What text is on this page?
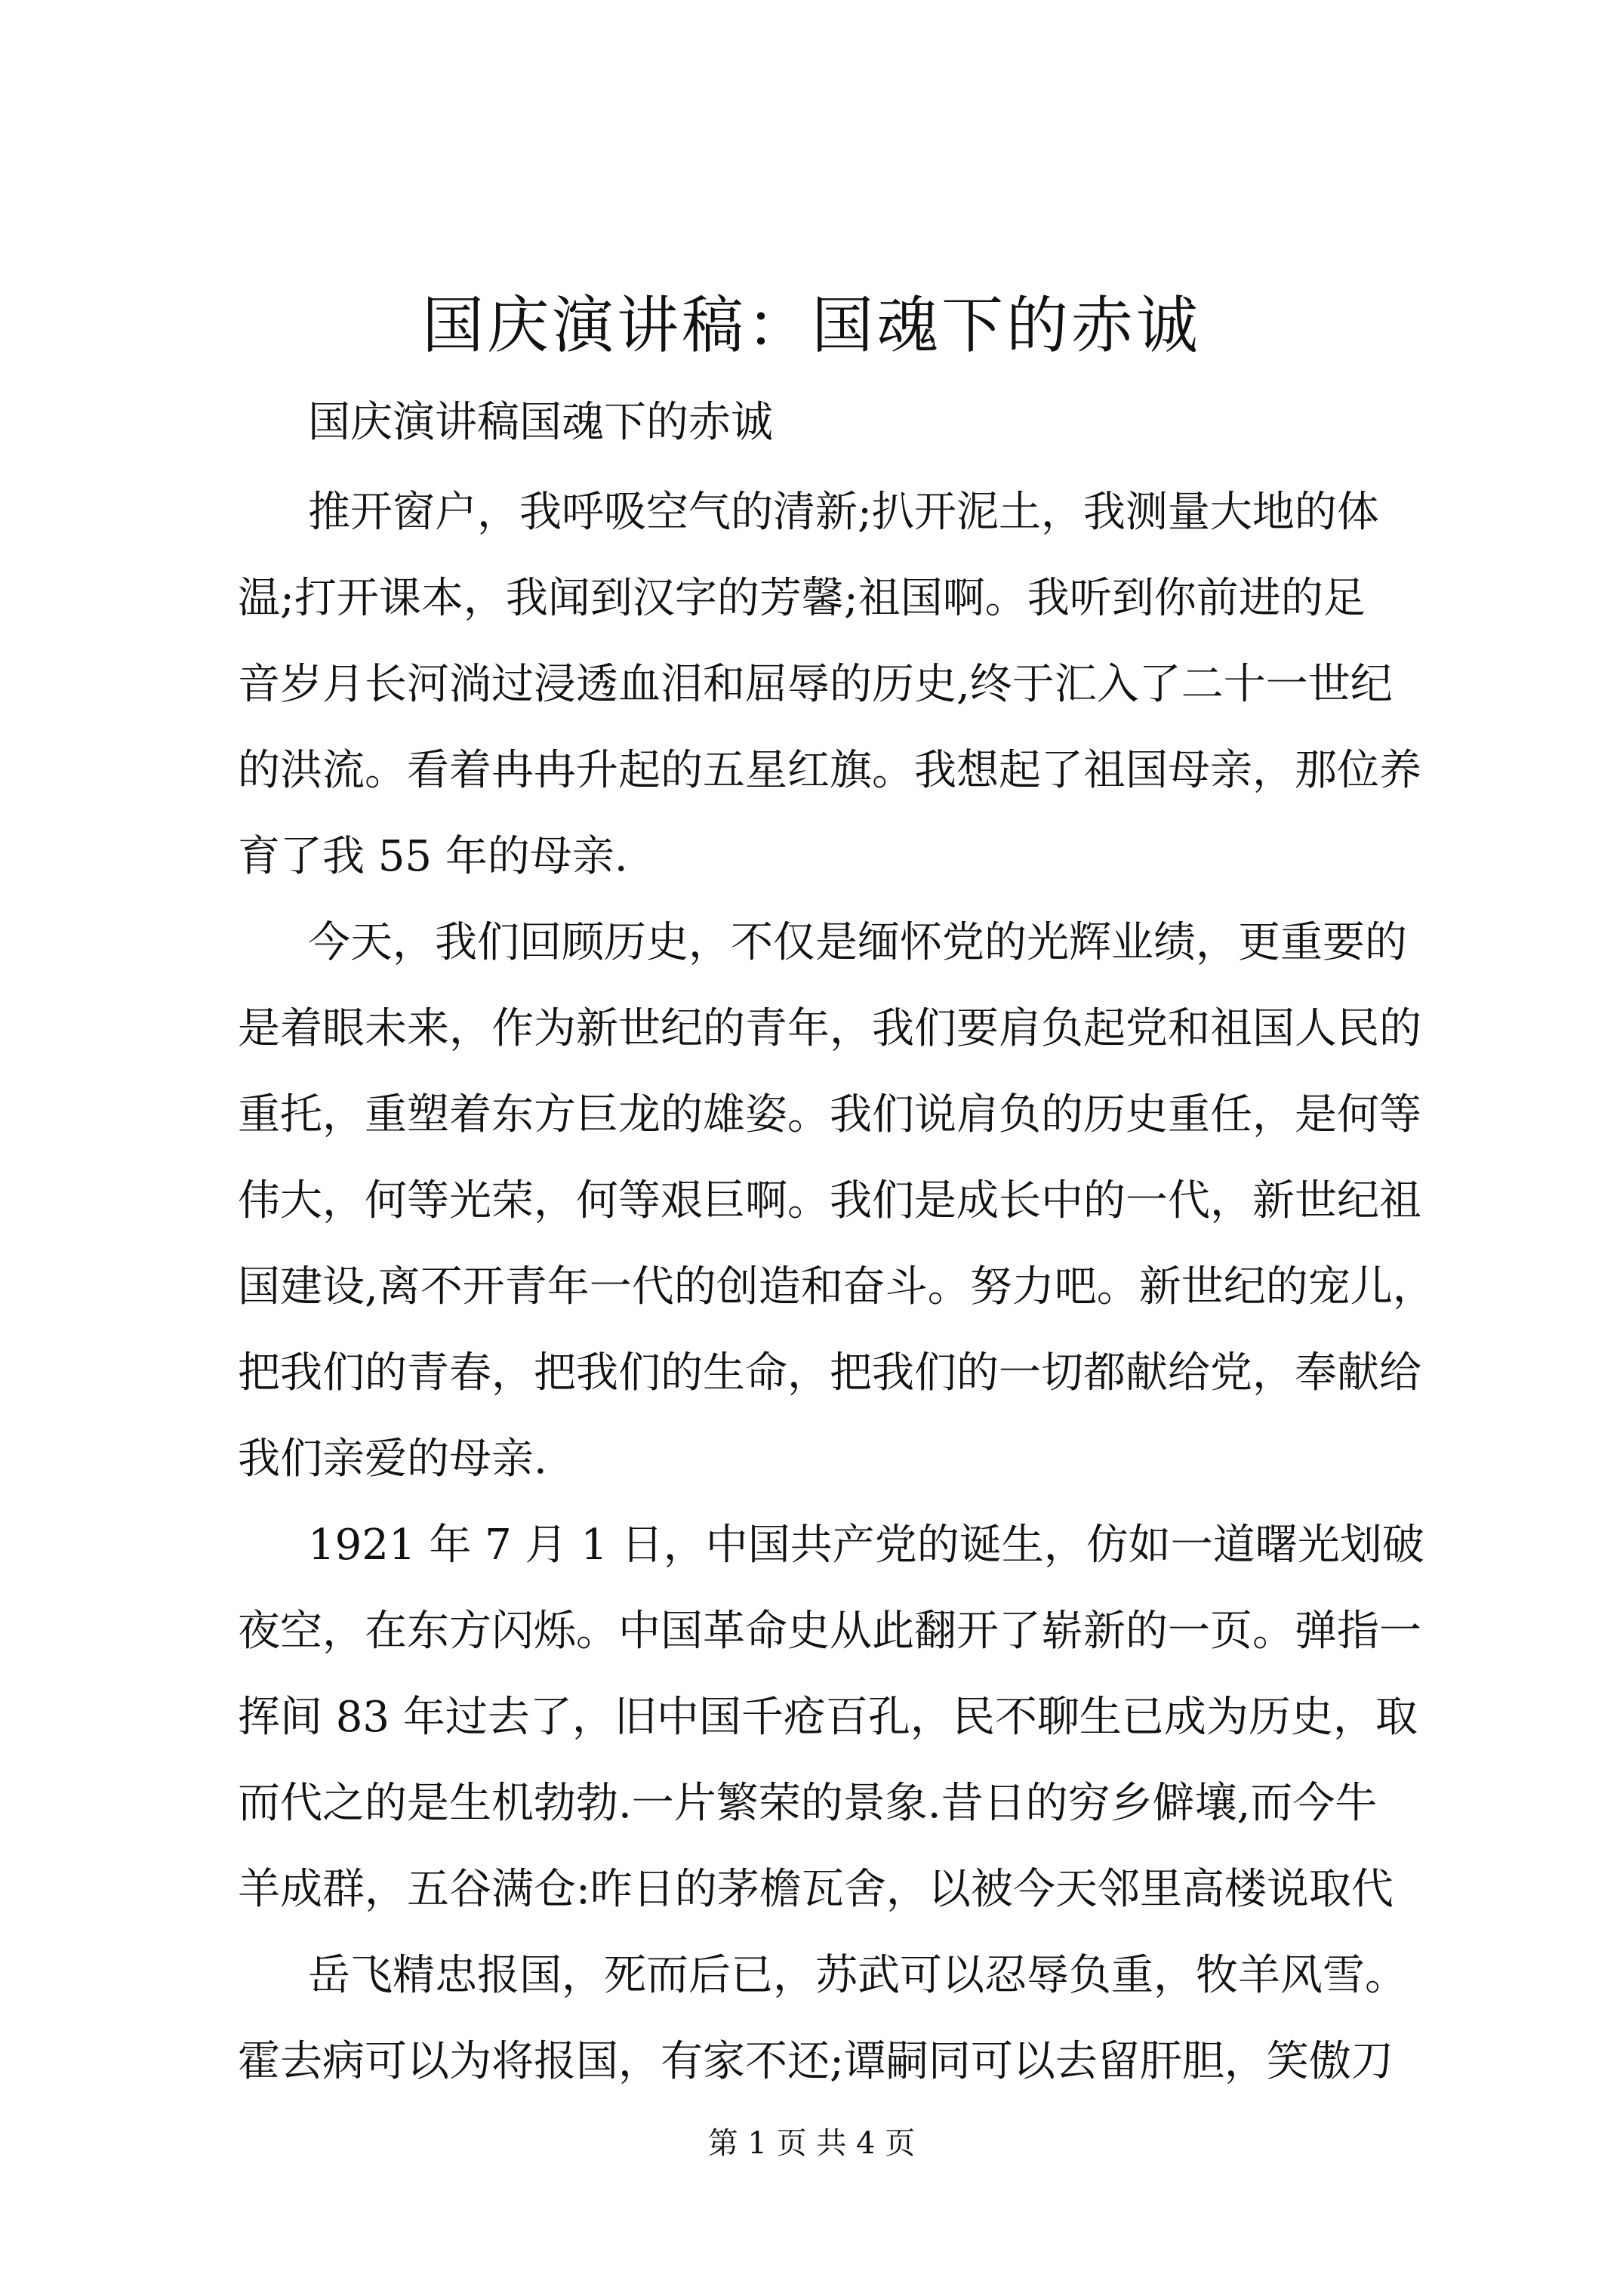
国庆演讲稿：国魂下的赤诚
国庆演讲稿国魂下的赤诚

推开窗户，我呼吸空气的清新;扒开泥土，我测量大地的体
温;打开课本，我闻到汉字的芳馨;祖国啊。我听到你前进的足
音岁月长河淌过浸透血泪和屈辱的历史,终于汇入了二十一世纪
的洪流。看着冉冉升起的五星红旗。我想起了祖国母亲，那位养
育了我 55 年的母亲.

今天，我们回顾历史，不仅是缅怀党的光辉业绩，更重要的
是着眼未来，作为新世纪的青年，我们要肩负起党和祖国人民的
重托，重塑着东方巨龙的雄姿。我们说肩负的历史重任，是何等
伟大，何等光荣，何等艰巨啊。我们是成长中的一代，新世纪祖
国建设,离不开青年一代的创造和奋斗。努力吧。新世纪的宠儿，
把我们的青春，把我们的生命，把我们的一切都献给党，奉献给
我们亲爱的母亲.

1921 年 7 月 1 日，中国共产党的诞生，仿如一道曙光划破
夜空，在东方闪烁。中国革命史从此翻开了崭新的一页。弹指一
挥间 83 年过去了，旧中国千疮百孔，民不聊生已成为历史，取
而代之的是生机勃勃.一片繁荣的景象.昔日的穷乡僻壤,而今牛
羊成群，五谷满仓:昨日的茅檐瓦舍，以被今天邻里高楼说取代

岳飞精忠报国，死而后已，苏武可以忍辱负重，牧羊风雪。
霍去病可以为将报国，有家不还;谭嗣同可以去留肝胆，笑傲刀

第 1 页 共 4 页
